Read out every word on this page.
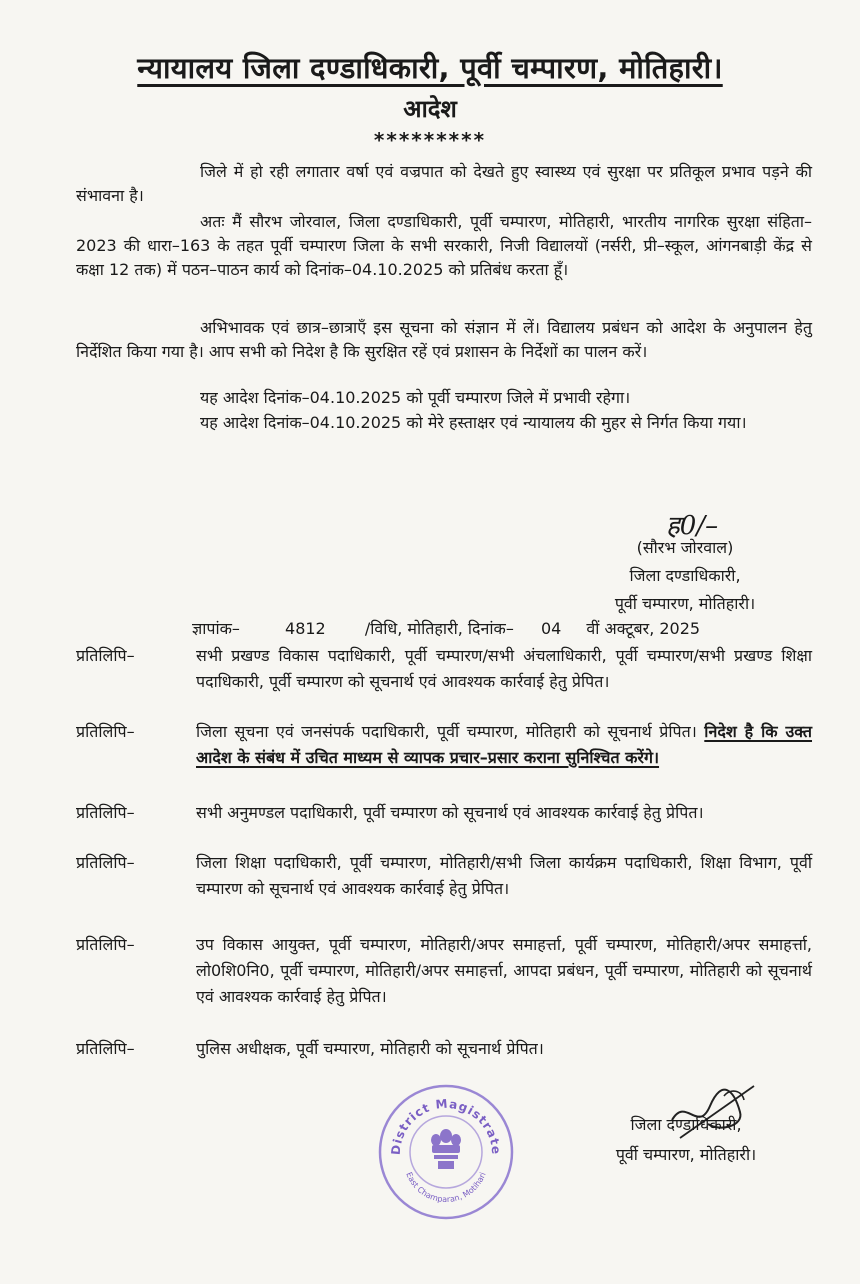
न्यायालय जिला दण्डाधिकारी, पूर्वी चम्पारण, मोतिहारी।
आदेश
*********

जिले में हो रही लगातार वर्षा एवं वज्रपात को देखते हुए स्वास्थ्य एवं सुरक्षा पर प्रतिकूल प्रभाव पड़ने की संभावना है।

अतः मैं सौरभ जोरवाल, जिला दण्डाधिकारी, पूर्वी चम्पारण, मोतिहारी, भारतीय नागरिक सुरक्षा संहिता–2023 की धारा–163 के तहत पूर्वी चम्पारण जिला के सभी सरकारी, निजी विद्यालयों (नर्सरी, प्री–स्कूल, आंगनबाड़ी केंद्र से कक्षा 12 तक) में पठन–पाठन कार्य को दिनांक–04.10.2025 को प्रतिबंध करता हूँ।

अभिभावक एवं छात्र–छात्राएँ इस सूचना को संज्ञान में लें। विद्यालय प्रबंधन को आदेश के अनुपालन हेतु निर्देशित किया गया है। आप सभी को निदेश है कि सुरक्षित रहें एवं प्रशासन के निर्देशों का पालन करें।

यह आदेश दिनांक–04.10.2025 को पूर्वी चम्पारण जिले में प्रभावी रहेगा।

यह आदेश दिनांक–04.10.2025 को मेरे हस्ताक्षर एवं न्यायालय की मुहर से निर्गत किया गया।

ह0/–
(सौरभ जोरवाल)
जिला दण्डाधिकारी,
पूर्वी चम्पारण, मोतिहारी।
ज्ञापांक–	4812 /विधि, मोतिहारी, दिनांक– 04 वीं अक्टूबर, 2025
प्रतिलिपि–	सभी प्रखण्ड विकास पदाधिकारी, पूर्वी चम्पारण/सभी अंचलाधिकारी, पूर्वी चम्पारण/सभी प्रखण्ड शिक्षा पदाधिकारी, पूर्वी चम्पारण को सूचनार्थ एवं आवश्यक कार्रवाई हेतु प्रेपित।

प्रतिलिपि–	जिला सूचना एवं जनसंपर्क पदाधिकारी, पूर्वी चम्पारण, मोतिहारी को सूचनार्थ प्रेपित। निदेश है कि उक्त आदेश के संबंध में उचित माध्यम से व्यापक प्रचार–प्रसार कराना सुनिश्चित करेंगे।

प्रतिलिपि–	सभी अनुमण्डल पदाधिकारी, पूर्वी चम्पारण को सूचनार्थ एवं आवश्यक कार्रवाई हेतु प्रेपित।

प्रतिलिपि–	जिला शिक्षा पदाधिकारी, पूर्वी चम्पारण, मोतिहारी/सभी जिला कार्यक्रम पदाधिकारी, शिक्षा विभाग, पूर्वी चम्पारण को सूचनार्थ एवं आवश्यक कार्रवाई हेतु प्रेपित।

प्रतिलिपि–	उप विकास आयुक्त, पूर्वी चम्पारण, मोतिहारी/अपर समाहर्त्ता, पूर्वी चम्पारण, मोतिहारी/अपर समाहर्त्ता, लो0शि0नि0, पूर्वी चम्पारण, मोतिहारी/अपर समाहर्त्ता, आपदा प्रबंधन, पूर्वी चम्पारण, मोतिहारी को सूचनार्थ एवं आवश्यक कार्रवाई हेतु प्रेपित।

प्रतिलिपि–	पुलिस अधीक्षक, पूर्वी चम्पारण, मोतिहारी को सूचनार्थ प्रेपित।

District Magistrate
East Champaran, Motihari
जिला दण्डाधिकारी,
पूर्वी चम्पारण, मोतिहारी।
